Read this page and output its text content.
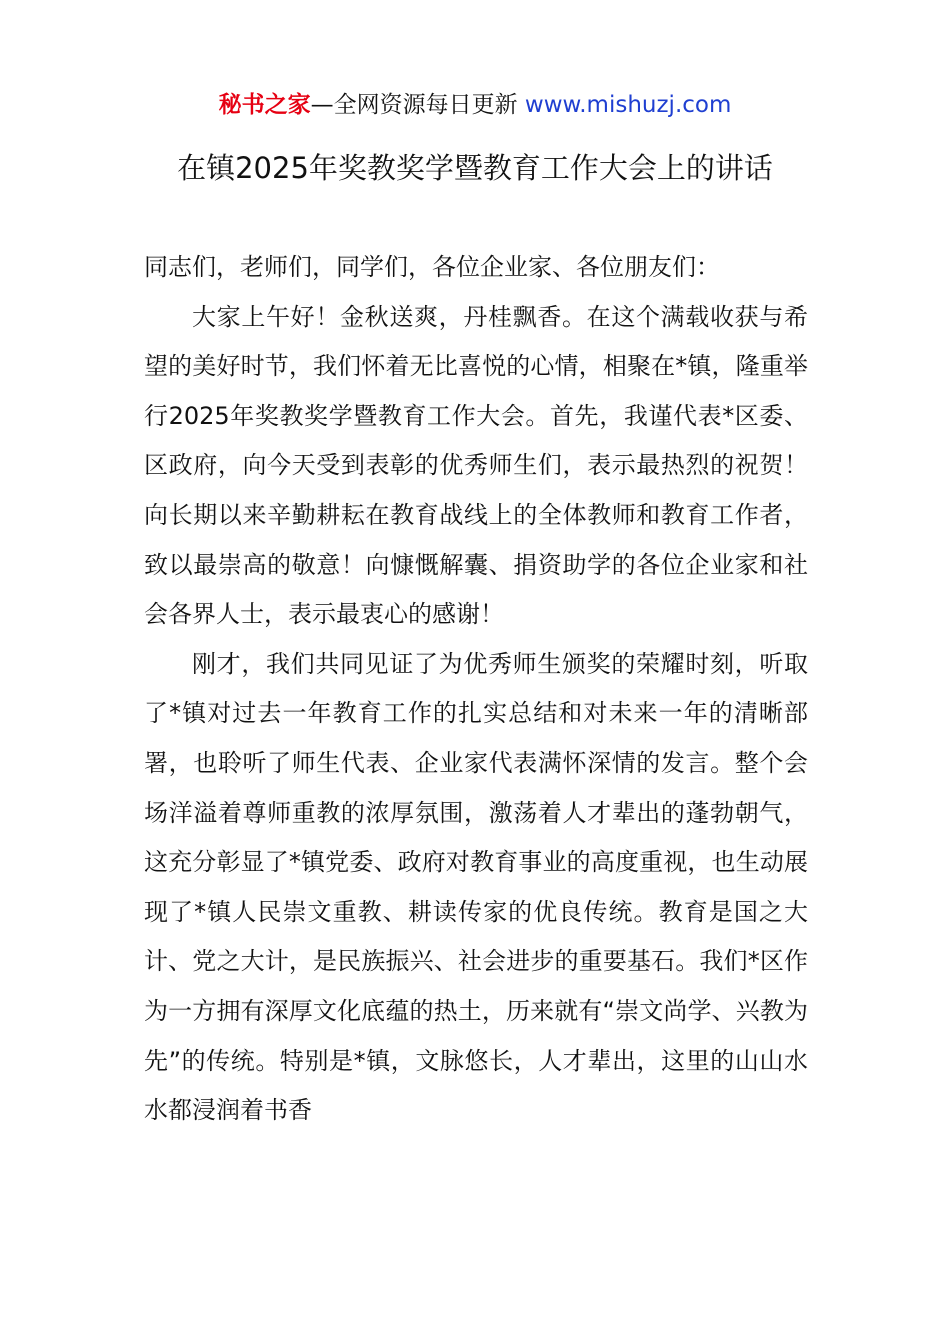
秘书之家—全网资源每日更新 www.mishuzj.com
在镇2025年奖教奖学暨教育工作大会上的讲话

同志们，老师们，同学们，各位企业家、各位朋友们：

大家上午好！金秋送爽，丹桂飘香。在这个满载收获与希望的美好时节，我们怀着无比喜悦的心情，相聚在*镇，隆重举行2025年奖教奖学暨教育工作大会。首先，我谨代表*区委、区政府，向今天受到表彰的优秀师生们，表示最热烈的祝贺！向长期以来辛勤耕耘在教育战线上的全体教师和教育工作者，致以最崇高的敬意！向慷慨解囊、捐资助学的各位企业家和社会各界人士，表示最衷心的感谢！

刚才，我们共同见证了为优秀师生颁奖的荣耀时刻，听取了*镇对过去一年教育工作的扎实总结和对未来一年的清晰部署，也聆听了师生代表、企业家代表满怀深情的发言。整个会场洋溢着尊师重教的浓厚氛围，激荡着人才辈出的蓬勃朝气，这充分彰显了*镇党委、政府对教育事业的高度重视，也生动展现了*镇人民崇文重教、耕读传家的优良传统。教育是国之大计、党之大计，是民族振兴、社会进步的重要基石。我们*区作为一方拥有深厚文化底蕴的热土，历来就有“崇文尚学、兴教为先”的传统。特别是*镇，文脉悠长，人才辈出，这里的山山水水都浸润着书香
